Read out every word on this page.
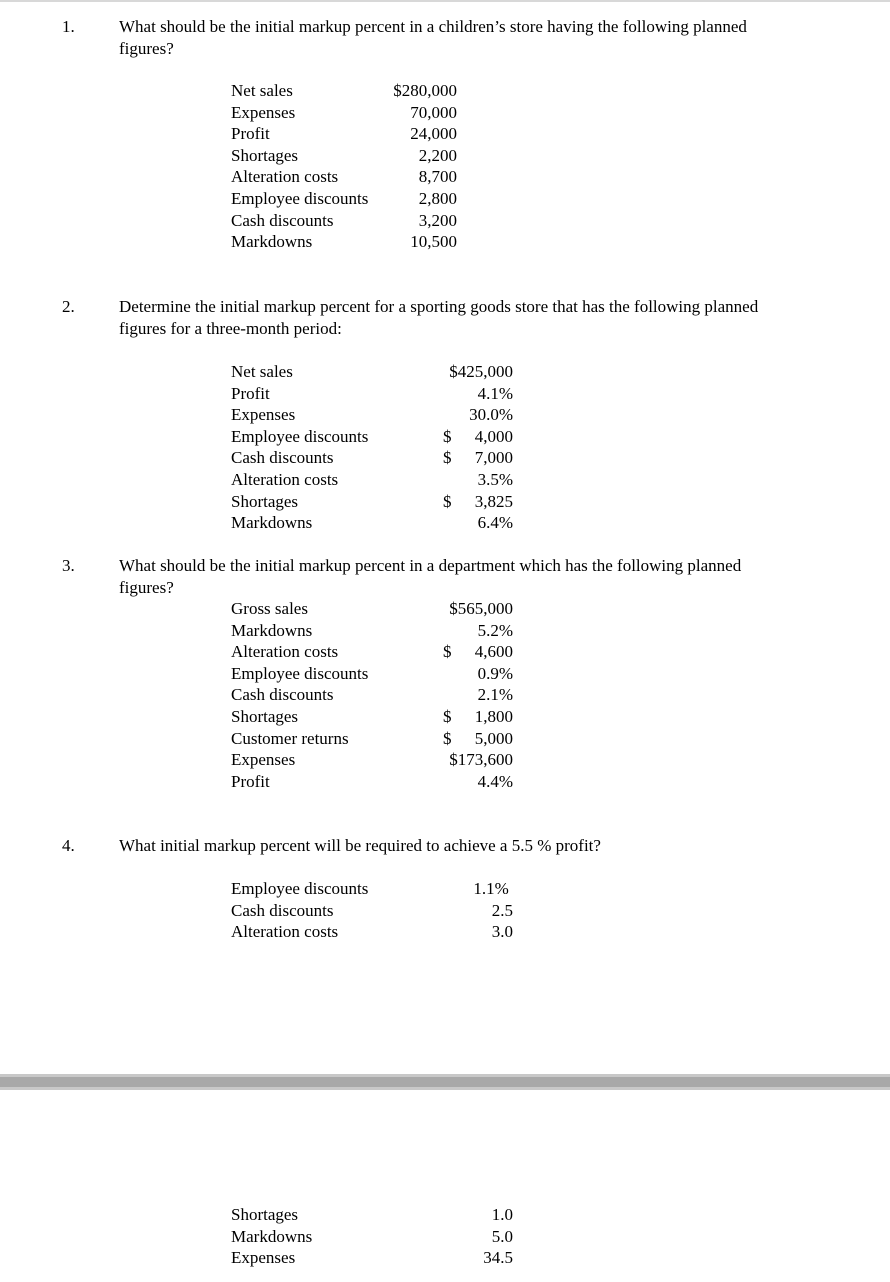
1.	What should be the initial markup percent in a children’s store having the following planned figures?
Net sales	$280,000
Expenses	70,000
Profit	24,000
Shortages	2,200
Alteration costs	8,700
Employee discounts	2,800
Cash discounts	3,200
Markdowns	10,500
2.	Determine the initial markup percent for a sporting goods store that has the following planned figures for a three-month period:
Net sales	$425,000
Profit	4.1%
Expenses	30.0%
Employee discounts	$	4,000
Cash discounts	$	7,000
Alteration costs	3.5%
Shortages	$	3,825
Markdowns	6.4%
3.	What should be the initial markup percent in a department which has the following planned figures?
Gross sales	$565,000
Markdowns	5.2%
Alteration costs	$	4,600
Employee discounts	0.9%
Cash discounts	2.1%
Shortages	$	1,800
Customer returns	$	5,000
Expenses	$173,600
Profit	4.4%
4.	What initial markup percent will be required to achieve a 5.5 % profit?
Employee discounts	1.1%
Cash discounts	2.5
Alteration costs	3.0
Shortages	1.0
Markdowns	5.0
Expenses	34.5
